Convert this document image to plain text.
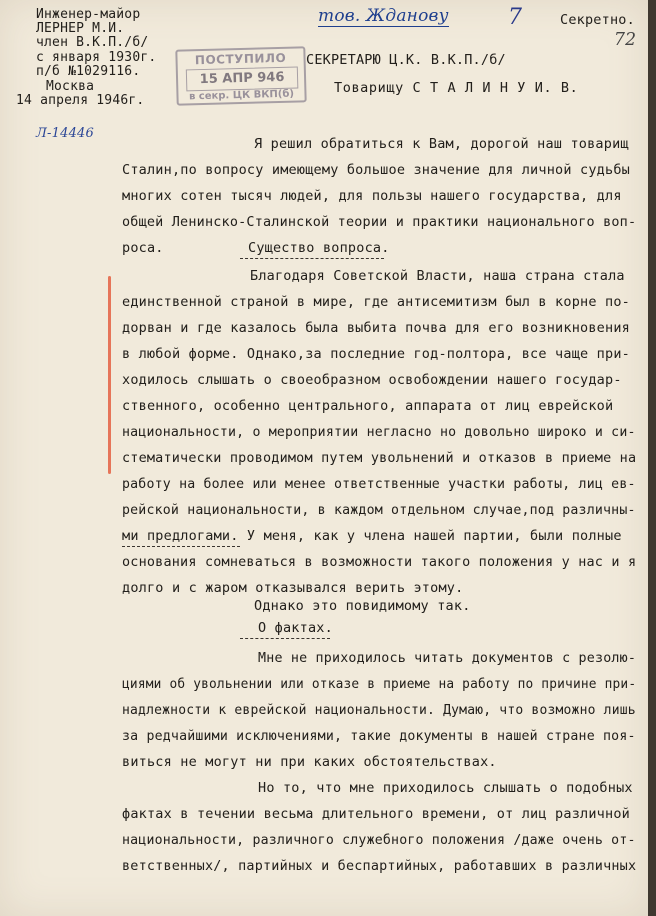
Инженер-майор
ЛЕРНЕР М.И.
член В.К.П./б/
с января 1930г.
п/б №1029116.
Москва
14 апреля 1946г.
тов. Жданову	7
72
Л-14446
Секретно.
ПОСТУПИЛО
15 АПР 946
в секр. ЦК ВКП(б)
СЕКРЕТАРЮ Ц.К. В.К.П./б/
Товарищу С Т А Л И Н У И. В.
Я решил обратиться к Вам, дорогой наш товарищ
Сталин,по вопросу имеющему большое значение для личной судьбы
многих сотен тысяч людей, для пользы нашего государства, для
общей Ленинско-Сталинской теории и практики национального воп-
роса.	Существо вопроса.
Благодаря Советской Власти, наша страна стала
единственной страной в мире, где антисемитизм был в корне по-
дорван и где казалось была выбита почва для его возникновения
в любой форме. Однако,за последние год-полтора, все чаще при-
ходилось слышать о своеобразном освобождении нашего государ-
ственного, особенно центрального, аппарата от лиц еврейской
национальности, о мероприятии негласно но довольно широко и си-
стематически проводимом путем увольнений и отказов в приеме на
работу на более или менее ответственные участки работы, лиц ев-
рейской национальности, в каждом отдельном случае,под различны-
ми предлогами. У меня, как у члена нашей партии, были полные
основания сомневаться в возможности такого положения у нас и я
долго и с жаром отказывался верить этому.
Однако это повидимому так.
О фактах.
Мне не приходилось читать документов с резолю-
циями об увольнении или отказе в приеме на работу по причине при-
надлежности к еврейской национальности. Думаю, что возможно лишь
за редчайшими исключениями, такие документы в нашей стране поя-
виться не могут ни при каких обстоятельствах.
Но то, что мне приходилось слышать о подобных
фактах в течении весьма длительного времени, от лиц различной
национальности, различного служебного положения /даже очень от-
ветственных/, партийных и беспартийных, работавших в различных
